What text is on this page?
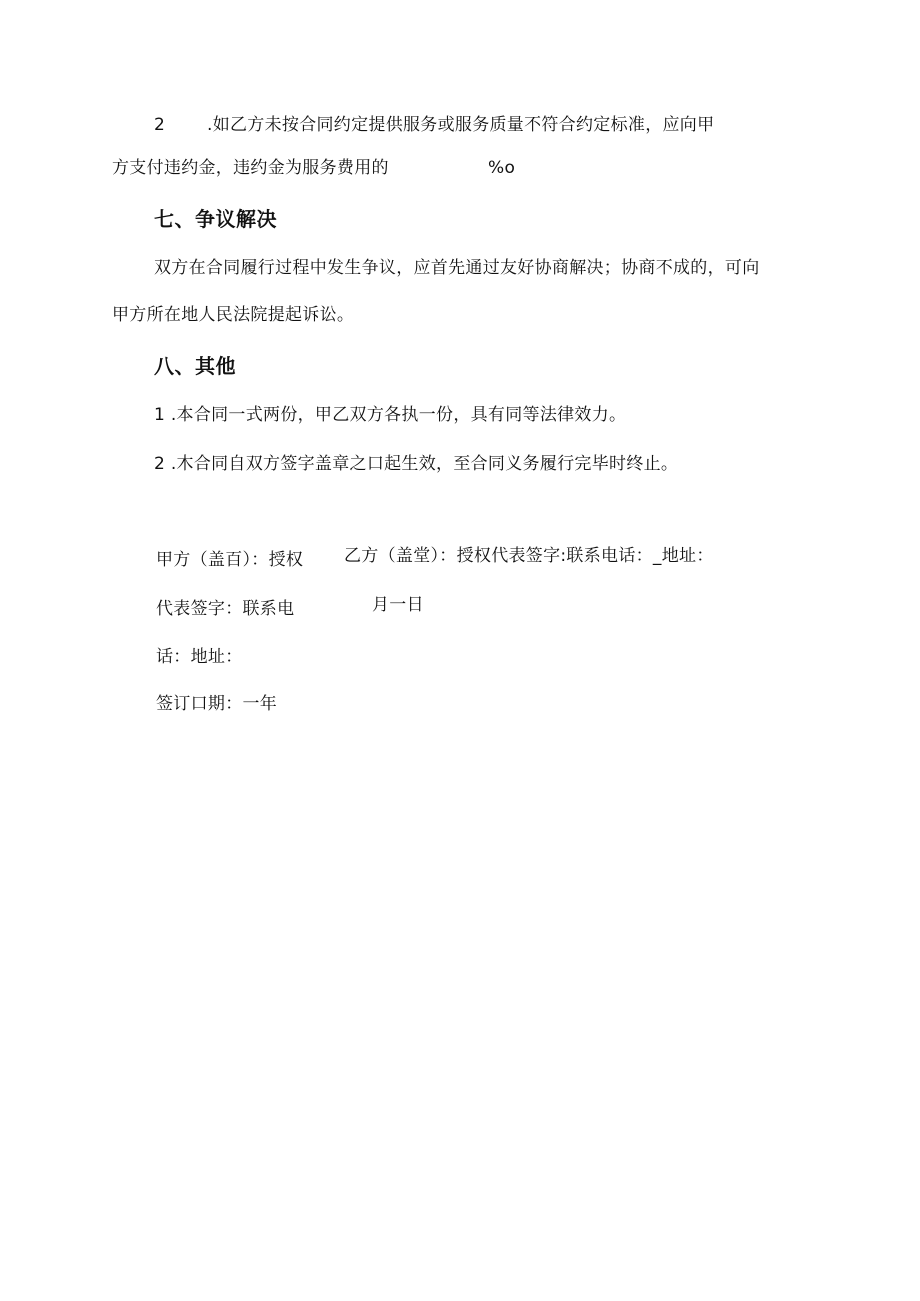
2 .如乙方未按合同约定提供服务或服务质量不符合约定标准，应向甲
方支付违约金，违约金为服务费用的	%o
七、争议解决
双方在合同履行过程中发生争议，应首先通过友好协商解决；协商不成的，可向
甲方所在地人民法院提起诉讼。
八、其他
1 .本合同一式两份，甲乙双方各执一份，具有同等法律效力。
2 .木合同自双方签字盖章之口起生效，至合同义务履行完毕时终止。
甲方（盖百）：授权 乙方（盖堂）：授权代表签字:联系电话：_地址：
代表签字：联系电	月一日
话：地址：
签订口期：一年
